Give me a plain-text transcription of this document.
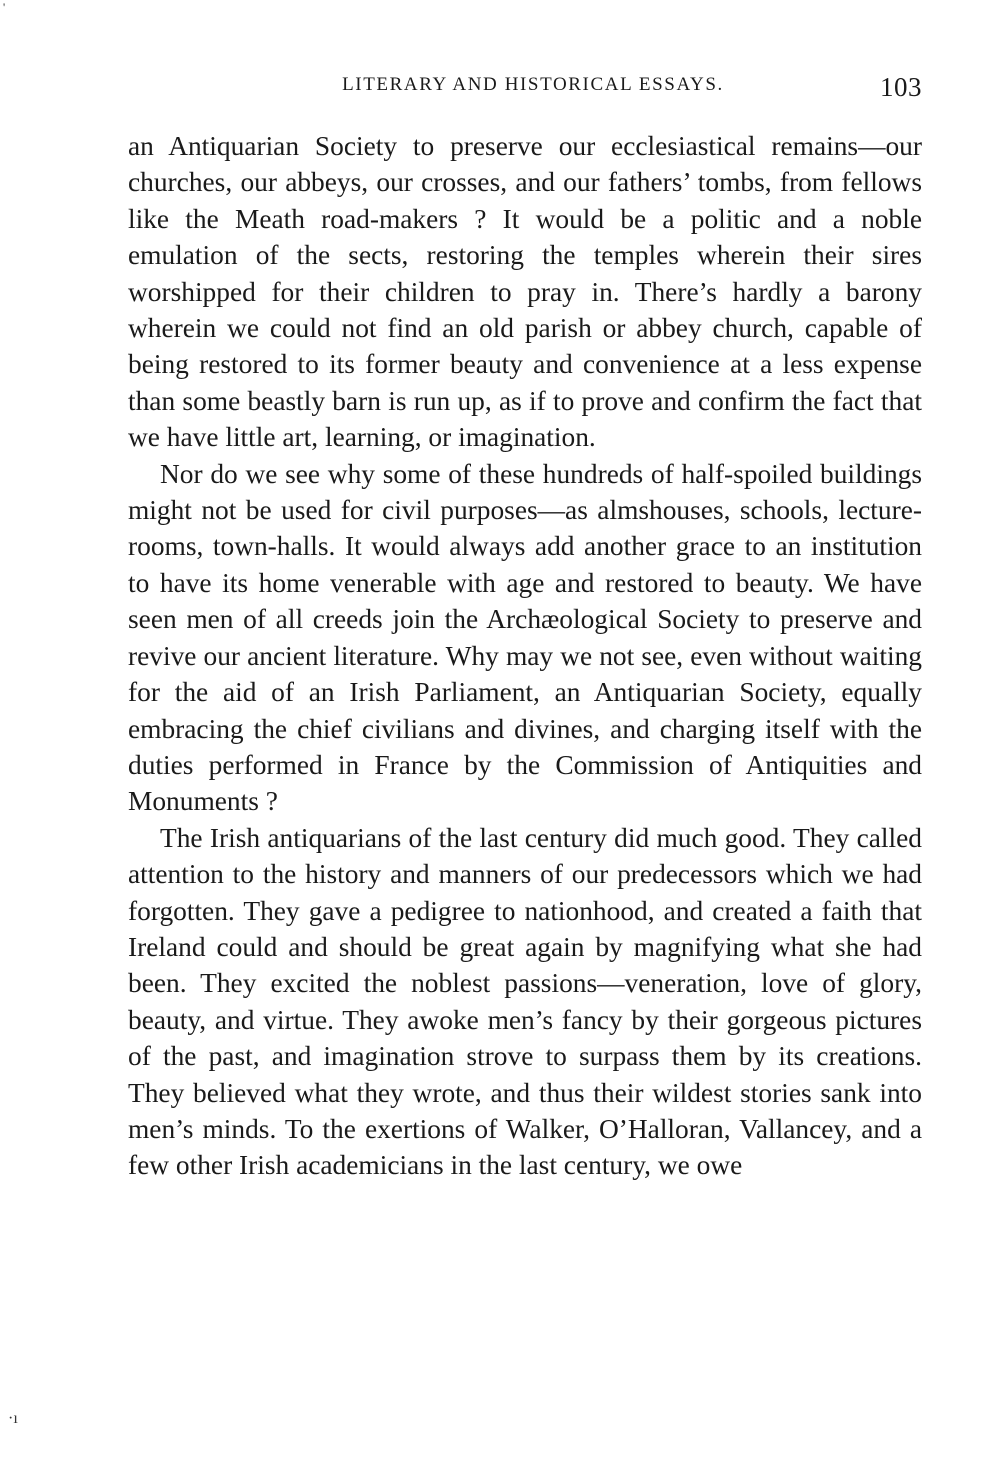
'
LITERARY AND HISTORICAL ESSAYS.	103

an Antiquarian Society to preserve our ecclesiastical remains—our churches, our abbeys, our crosses, and our fathers’ tombs, from fellows like the Meath road-makers ? It would be a politic and a noble emulation of the sects, restoring the temples wherein their sires worshipped for their children to pray in. There’s hardly a barony wherein we could not find an old parish or abbey church, capable of being restored to its former beauty and convenience at a less expense than some beastly barn is run up, as if to prove and confirm the fact that we have little art, learning, or imagination.

Nor do we see why some of these hundreds of half-spoiled buildings might not be used for civil purposes—as almshouses, schools, lecture-rooms, town-halls. It would always add another grace to an institution to have its home venerable with age and restored to beauty. We have seen men of all creeds join the Archæological Society to preserve and revive our ancient literature. Why may we not see, even without waiting for the aid of an Irish Parliament, an Antiquarian Society, equally embracing the chief civilians and divines, and charging itself with the duties performed in France by the Commission of Antiquities and Monuments ?

The Irish antiquarians of the last century did much good. They called attention to the history and manners of our predecessors which we had forgotten. They gave a pedigree to nationhood, and created a faith that Ireland could and should be great again by magnifying what she had been. They excited the noblest passions—veneration, love of glory, beauty, and virtue. They awoke men’s fancy by their gorgeous pictures of the past, and imagination strove to surpass them by its creations. They believed what they wrote, and thus their wildest stories sank into men’s minds. To the exertions of Walker, O’Halloran, Vallancey, and a few other Irish academicians in the last century, we owe

·ı
